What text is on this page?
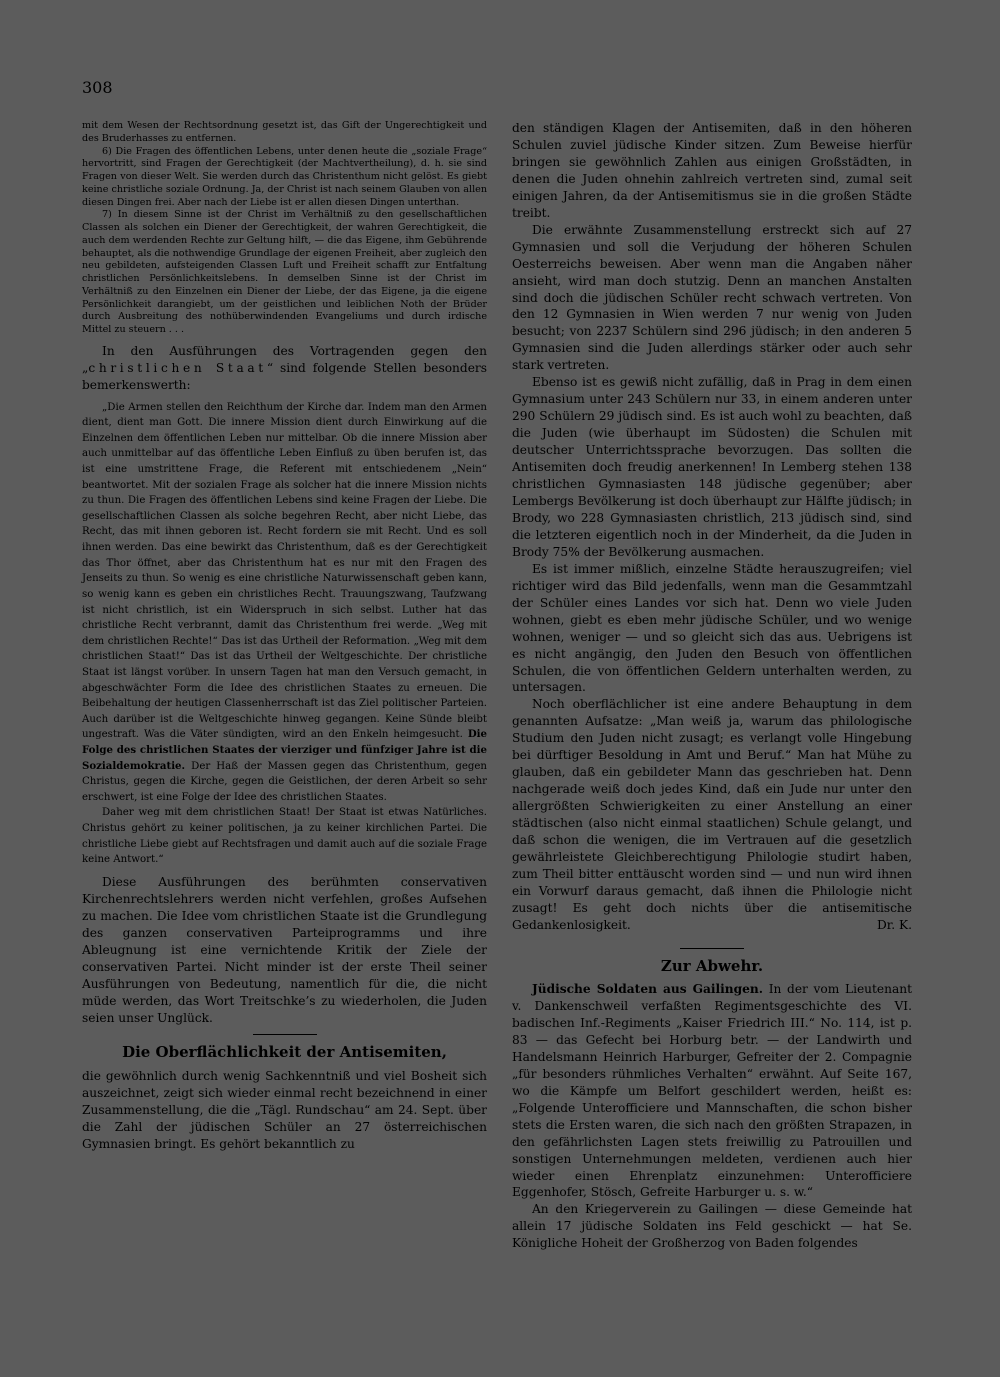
308

mit dem Wesen der Rechtsordnung gesetzt ist, das Gift der Ungerechtigkeit und des Bruderhasses zu entfernen.

6) Die Fragen des öffentlichen Lebens, unter denen heute die „soziale Frage“ hervortritt, sind Fragen der Gerechtigkeit (der Machtvertheilung), d. h. sie sind Fragen von dieser Welt. Sie werden durch das Christenthum nicht gelöst. Es giebt keine christliche soziale Ordnung. Ja, der Christ ist nach seinem Glauben von allen diesen Dingen frei. Aber nach der Liebe ist er allen diesen Dingen unterthan.

7) In diesem Sinne ist der Christ im Verhältniß zu den gesellschaftlichen Classen als solchen ein Diener der Gerechtigkeit, der wahren Gerechtigkeit, die auch dem werdenden Rechte zur Geltung hilft, — die das Eigene, ihm Gebührende behauptet, als die nothwendige Grundlage der eigenen Freiheit, aber zugleich den neu gebildeten, aufsteigenden Classen Luft und Freiheit schafft zur Entfaltung christlichen Persönlichkeitslebens. In demselben Sinne ist der Christ im Verhältniß zu den Einzelnen ein Diener der Liebe, der das Eigene, ja die eigene Persönlichkeit darangiebt, um der geistlichen und leiblichen Noth der Brüder durch Ausbreitung des nothüberwindenden Evangeliums und durch irdische Mittel zu steuern . . .

In den Ausführungen des Vortragenden gegen den „christlichen Staat“ sind folgende Stellen besonders bemerkenswerth:

„Die Armen stellen den Reichthum der Kirche dar. Indem man den Armen dient, dient man Gott. Die innere Mission dient durch Einwirkung auf die Einzelnen dem öffentlichen Leben nur mittelbar. Ob die innere Mission aber auch unmittelbar auf das öffentliche Leben Einfluß zu üben berufen ist, das ist eine umstrittene Frage, die Referent mit entschiedenem „Nein“ beantwortet. Mit der sozialen Frage als solcher hat die innere Mission nichts zu thun. Die Fragen des öffentlichen Lebens sind keine Fragen der Liebe. Die gesellschaftlichen Classen als solche begehren Recht, aber nicht Liebe, das Recht, das mit ihnen geboren ist. Recht fordern sie mit Recht. Und es soll ihnen werden. Das eine bewirkt das Christenthum, daß es der Gerechtigkeit das Thor öffnet, aber das Christenthum hat es nur mit den Fragen des Jenseits zu thun. So wenig es eine christliche Naturwissenschaft geben kann, so wenig kann es geben ein christliches Recht. Trauungszwang, Taufzwang ist nicht christlich, ist ein Widerspruch in sich selbst. Luther hat das christliche Recht verbrannt, damit das Christenthum frei werde. „Weg mit dem christlichen Rechte!“ Das ist das Urtheil der Reformation. „Weg mit dem christlichen Staat!“ Das ist das Urtheil der Weltgeschichte. Der christliche Staat ist längst vorüber. In unsern Tagen hat man den Versuch gemacht, in abgeschwächter Form die Idee des christlichen Staates zu erneuen. Die Beibehaltung der heutigen Classenherrschaft ist das Ziel politischer Parteien. Auch darüber ist die Weltgeschichte hinweg gegangen. Keine Sünde bleibt ungestraft. Was die Väter sündigten, wird an den Enkeln heimgesucht. Die Folge des christlichen Staates der vierziger und fünfziger Jahre ist die Sozialdemokratie. Der Haß der Massen gegen das Christenthum, gegen Christus, gegen die Kirche, gegen die Geistlichen, der deren Arbeit so sehr erschwert, ist eine Folge der Idee des christlichen Staates.

Daher weg mit dem christlichen Staat! Der Staat ist etwas Natürliches. Christus gehört zu keiner politischen, ja zu keiner kirchlichen Partei. Die christliche Liebe giebt auf Rechtsfragen und damit auch auf die soziale Frage keine Antwort.“

Diese Ausführungen des berühmten conservativen Kirchenrechtslehrers werden nicht verfehlen, großes Aufsehen zu machen. Die Idee vom christlichen Staate ist die Grundlegung des ganzen conservativen Parteiprogramms und ihre Ableugnung ist eine vernichtende Kritik der Ziele der conservativen Partei. Nicht minder ist der erste Theil seiner Ausführungen von Bedeutung, namentlich für die, die nicht müde werden, das Wort Treitschke’s zu wiederholen, die Juden seien unser Unglück.

Die Oberflächlichkeit der Antisemiten,

die gewöhnlich durch wenig Sachkenntniß und viel Bosheit sich auszeichnet, zeigt sich wieder einmal recht bezeichnend in einer Zusammenstellung, die die „Tägl. Rundschau“ am 24. Sept. über die Zahl der jüdischen Schüler an 27 österreichischen Gymnasien bringt. Es gehört bekanntlich zu

den ständigen Klagen der Antisemiten, daß in den höheren Schulen zuviel jüdische Kinder sitzen. Zum Beweise hierfür bringen sie gewöhnlich Zahlen aus einigen Großstädten, in denen die Juden ohnehin zahlreich vertreten sind, zumal seit einigen Jahren, da der Antisemitismus sie in die großen Städte treibt.

Die erwähnte Zusammenstellung erstreckt sich auf 27 Gymnasien und soll die Verjudung der höheren Schulen Oesterreichs beweisen. Aber wenn man die Angaben näher ansieht, wird man doch stutzig. Denn an manchen Anstalten sind doch die jüdischen Schüler recht schwach vertreten. Von den 12 Gymnasien in Wien werden 7 nur wenig von Juden besucht; von 2237 Schülern sind 296 jüdisch; in den anderen 5 Gymnasien sind die Juden allerdings stärker oder auch sehr stark vertreten.

Ebenso ist es gewiß nicht zufällig, daß in Prag in dem einen Gymnasium unter 243 Schülern nur 33, in einem anderen unter 290 Schülern 29 jüdisch sind. Es ist auch wohl zu beachten, daß die Juden (wie überhaupt im Südosten) die Schulen mit deutscher Unterrichtssprache bevorzugen. Das sollten die Antisemiten doch freudig anerkennen! In Lemberg stehen 138 christlichen Gymnasiasten 148 jüdische gegenüber; aber Lembergs Bevölkerung ist doch überhaupt zur Hälfte jüdisch; in Brody, wo 228 Gymnasiasten christlich, 213 jüdisch sind, sind die letzteren eigentlich noch in der Minderheit, da die Juden in Brody 75% der Bevölkerung ausmachen.

Es ist immer mißlich, einzelne Städte herauszugreifen; viel richtiger wird das Bild jedenfalls, wenn man die Gesammtzahl der Schüler eines Landes vor sich hat. Denn wo viele Juden wohnen, giebt es eben mehr jüdische Schüler, und wo wenige wohnen, weniger — und so gleicht sich das aus. Uebrigens ist es nicht angängig, den Juden den Besuch von öffentlichen Schulen, die von öffentlichen Geldern unterhalten werden, zu untersagen.

Noch oberflächlicher ist eine andere Behauptung in dem genannten Aufsatze: „Man weiß ja, warum das philologische Studium den Juden nicht zusagt; es verlangt volle Hingebung bei dürftiger Besoldung in Amt und Beruf.“ Man hat Mühe zu glauben, daß ein gebildeter Mann das geschrieben hat. Denn nachgerade weiß doch jedes Kind, daß ein Jude nur unter den allergrößten Schwierigkeiten zu einer Anstellung an einer städtischen (also nicht einmal staatlichen) Schule gelangt, und daß schon die wenigen, die im Vertrauen auf die gesetzlich gewährleistete Gleichberechtigung Philologie studirt haben, zum Theil bitter enttäuscht worden sind — und nun wird ihnen ein Vorwurf daraus gemacht, daß ihnen die Philologie nicht zusagt! Es geht doch nichts über die antisemitische Gedankenlosigkeit.	Dr. K.

Zur Abwehr.

Jüdische Soldaten aus Gailingen. In der vom Lieutenant v. Dankenschweil verfaßten Regimentsgeschichte des VI. badischen Inf.-Regiments „Kaiser Friedrich III.“ No. 114, ist p. 83 — das Gefecht bei Horburg betr. — der Landwirth und Handelsmann Heinrich Harburger, Gefreiter der 2. Compagnie „für besonders rühmliches Verhalten“ erwähnt. Auf Seite 167, wo die Kämpfe um Belfort geschildert werden, heißt es: „Folgende Unterofficiere und Mannschaften, die schon bisher stets die Ersten waren, die sich nach den größten Strapazen, in den gefährlichsten Lagen stets freiwillig zu Patrouillen und sonstigen Unternehmungen meldeten, verdienen auch hier wieder einen Ehrenplatz einzunehmen: Unterofficiere Eggenhofer, Stösch, Gefreite Harburger u. s. w.“

An den Kriegerverein zu Gailingen — diese Gemeinde hat allein 17 jüdische Soldaten ins Feld geschickt — hat Se. Königliche Hoheit der Großherzog von Baden folgendes
